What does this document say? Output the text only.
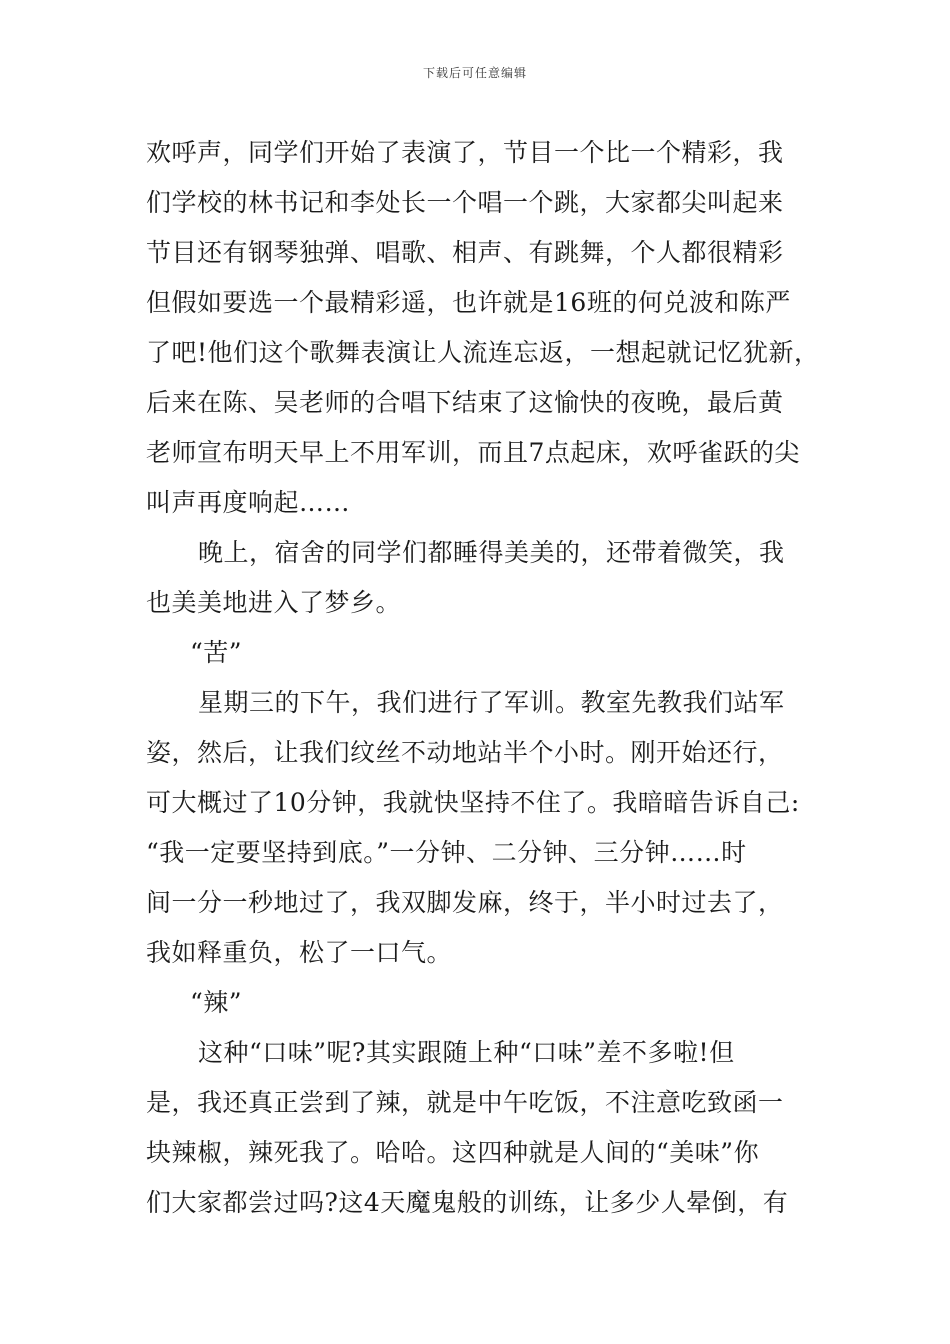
下载后可任意编辑
欢呼声，同学们开始了表演了，节目一个比一个精彩，我
们学校的林书记和李处长一个唱一个跳，大家都尖叫起来
节目还有钢琴独弹、唱歌、相声、有跳舞，个人都很精彩
但假如要选一个最精彩遥，也许就是16班的何兑波和陈严
了吧!他们这个歌舞表演让人流连忘返，一想起就记忆犹新，
后来在陈、吴老师的合唱下结束了这愉快的夜晚，最后黄
老师宣布明天早上不用军训，而且7点起床，欢呼雀跃的尖
叫声再度响起……
晚上，宿舍的同学们都睡得美美的，还带着微笑，我
也美美地进入了梦乡。
“苦”
星期三的下午，我们进行了军训。教室先教我们站军
姿，然后，让我们纹丝不动地站半个小时。刚开始还行，
可大概过了10分钟，我就快坚持不住了。我暗暗告诉自己:
“我一定要坚持到底。”一分钟、二分钟、三分钟……时
间一分一秒地过了，我双脚发麻，终于，半小时过去了，
我如释重负，松了一口气。
“辣”
这种“口味”呢?其实跟随上种“口味”差不多啦!但
是，我还真正尝到了辣，就是中午吃饭，不注意吃致函一
块辣椒，辣死我了。哈哈。这四种就是人间的“美味”你
们大家都尝过吗?这4天魔鬼般的训练，让多少人晕倒，有
